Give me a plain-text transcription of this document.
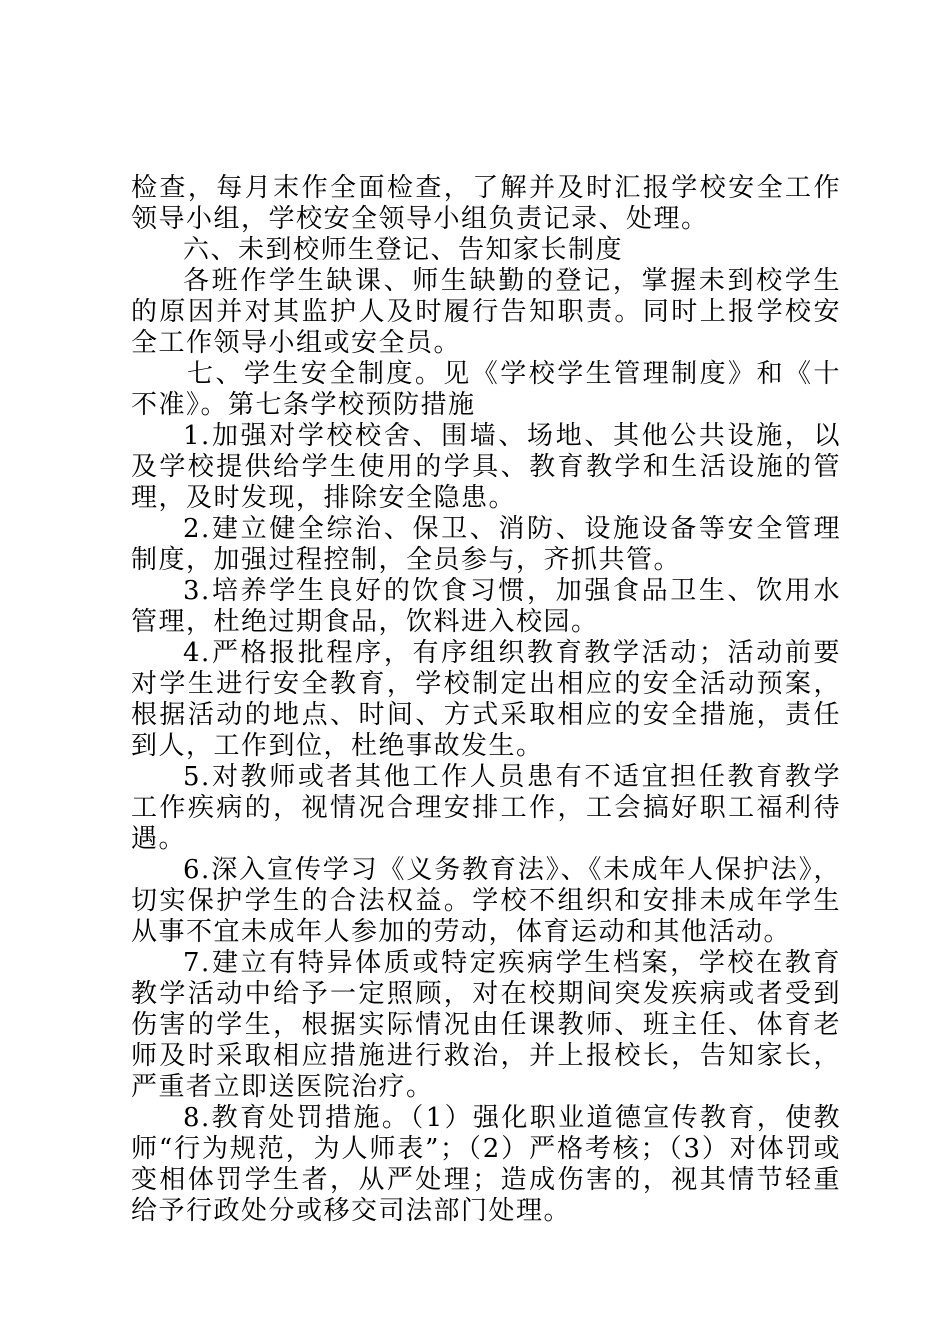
检查，每月末作全面检查，了解并及时汇报学校安全工作领导小组，学校安全领导小组负责记录、处理。

六、未到校师生登记、告知家长制度

各班作学生缺课、师生缺勤的登记，掌握未到校学生的原因并对其监护人及时履行告知职责。同时上报学校安全工作领导小组或安全员。

七、学生安全制度。见《学校学生管理制度》和《十不准》。第七条学校预防措施

1.加强对学校校舍、围墙、场地、其他公共设施，以及学校提供给学生使用的学具、教育教学和生活设施的管理，及时发现，排除安全隐患。

2.建立健全综治、保卫、消防、设施设备等安全管理制度，加强过程控制，全员参与，齐抓共管。

3.培养学生良好的饮食习惯，加强食品卫生、饮用水管理，杜绝过期食品，饮料进入校园。

4.严格报批程序，有序组织教育教学活动；活动前要对学生进行安全教育，学校制定出相应的安全活动预案，根据活动的地点、时间、方式采取相应的安全措施，责任到人，工作到位，杜绝事故发生。

5.对教师或者其他工作人员患有不适宜担任教育教学工作疾病的，视情况合理安排工作，工会搞好职工福利待遇。

6.深入宣传学习《义务教育法》、《未成年人保护法》，切实保护学生的合法权益。学校不组织和安排未成年学生从事不宜未成年人参加的劳动，体育运动和其他活动。

7.建立有特异体质或特定疾病学生档案，学校在教育教学活动中给予一定照顾，对在校期间突发疾病或者受到伤害的学生，根据实际情况由任课教师、班主任、体育老师及时采取相应措施进行救治，并上报校长，告知家长，严重者立即送医院治疗。

8.教育处罚措施。（1）强化职业道德宣传教育，使教师“行为规范，为人师表”；（2）严格考核；（3）对体罚或变相体罚学生者，从严处理；造成伤害的，视其情节轻重给予行政处分或移交司法部门处理。
